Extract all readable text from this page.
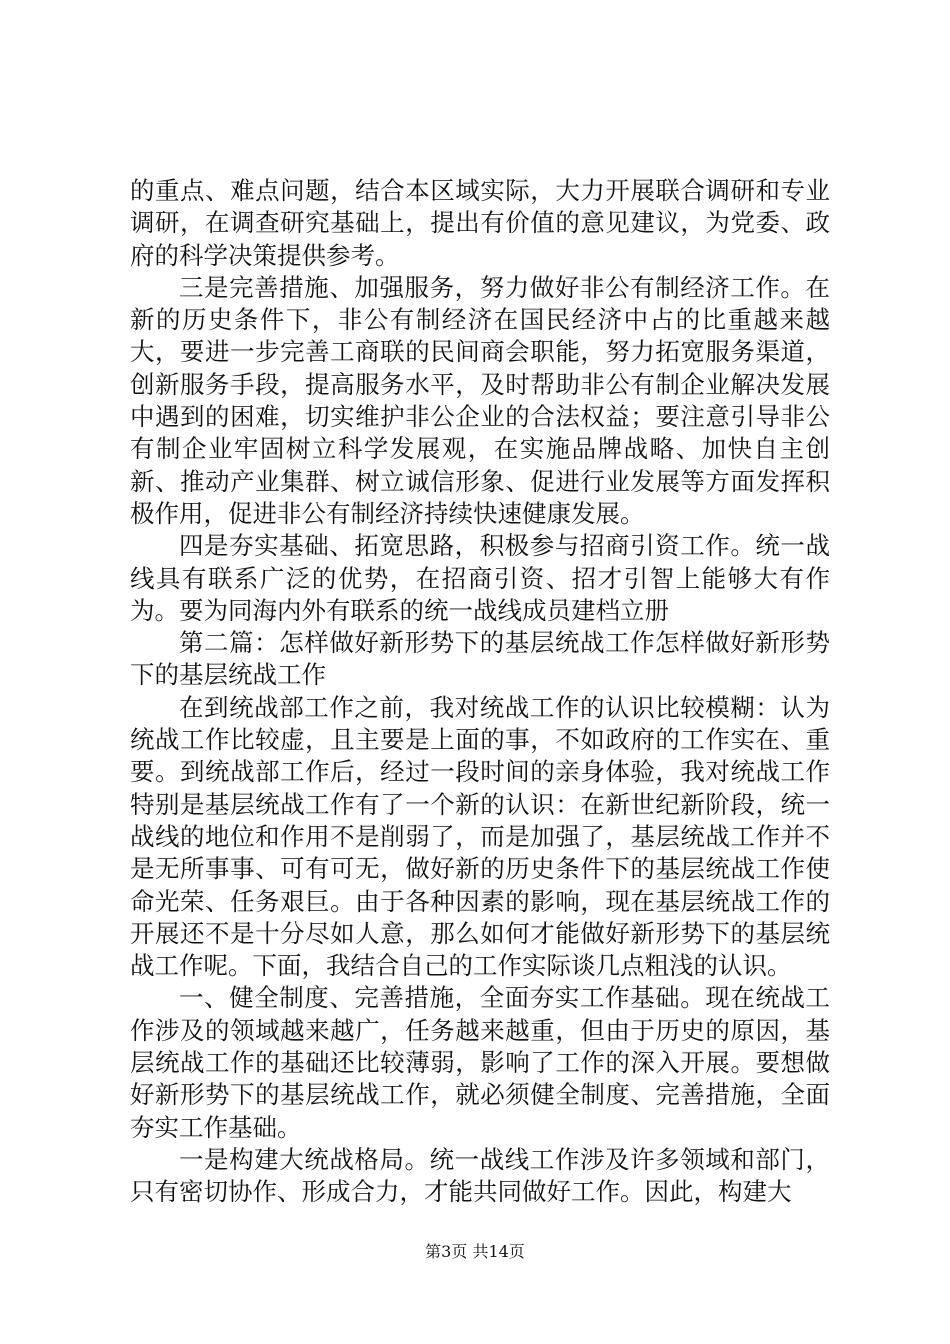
的重点、难点问题，结合本区域实际，大力开展联合调研和专业调研，在调查研究基础上，提出有价值的意见建议，为党委、政府的科学决策提供参考。

三是完善措施、加强服务，努力做好非公有制经济工作。在新的历史条件下，非公有制经济在国民经济中占的比重越来越大，要进一步完善工商联的民间商会职能，努力拓宽服务渠道，创新服务手段，提高服务水平，及时帮助非公有制企业解决发展中遇到的困难，切实维护非公企业的合法权益；要注意引导非公有制企业牢固树立科学发展观，在实施品牌战略、加快自主创新、推动产业集群、树立诚信形象、促进行业发展等方面发挥积极作用，促进非公有制经济持续快速健康发展。

四是夯实基础、拓宽思路，积极参与招商引资工作。统一战线具有联系广泛的优势，在招商引资、招才引智上能够大有作为。要为同海内外有联系的统一战线成员建档立册

第二篇：怎样做好新形势下的基层统战工作怎样做好新形势下的基层统战工作

在到统战部工作之前，我对统战工作的认识比较模糊：认为统战工作比较虚，且主要是上面的事，不如政府的工作实在、重要。到统战部工作后，经过一段时间的亲身体验，我对统战工作特别是基层统战工作有了一个新的认识：在新世纪新阶段，统一战线的地位和作用不是削弱了，而是加强了，基层统战工作并不是无所事事、可有可无，做好新的历史条件下的基层统战工作使命光荣、任务艰巨。由于各种因素的影响，现在基层统战工作的开展还不是十分尽如人意，那么如何才能做好新形势下的基层统战工作呢。下面，我结合自己的工作实际谈几点粗浅的认识。

一、健全制度、完善措施，全面夯实工作基础。现在统战工作涉及的领域越来越广，任务越来越重，但由于历史的原因，基层统战工作的基础还比较薄弱，影响了工作的深入开展。要想做好新形势下的基层统战工作，就必须健全制度、完善措施，全面夯实工作基础。

一是构建大统战格局。统一战线工作涉及许多领域和部门，只有密切协作、形成合力，才能共同做好工作。因此，构建大

第3页 共14页
